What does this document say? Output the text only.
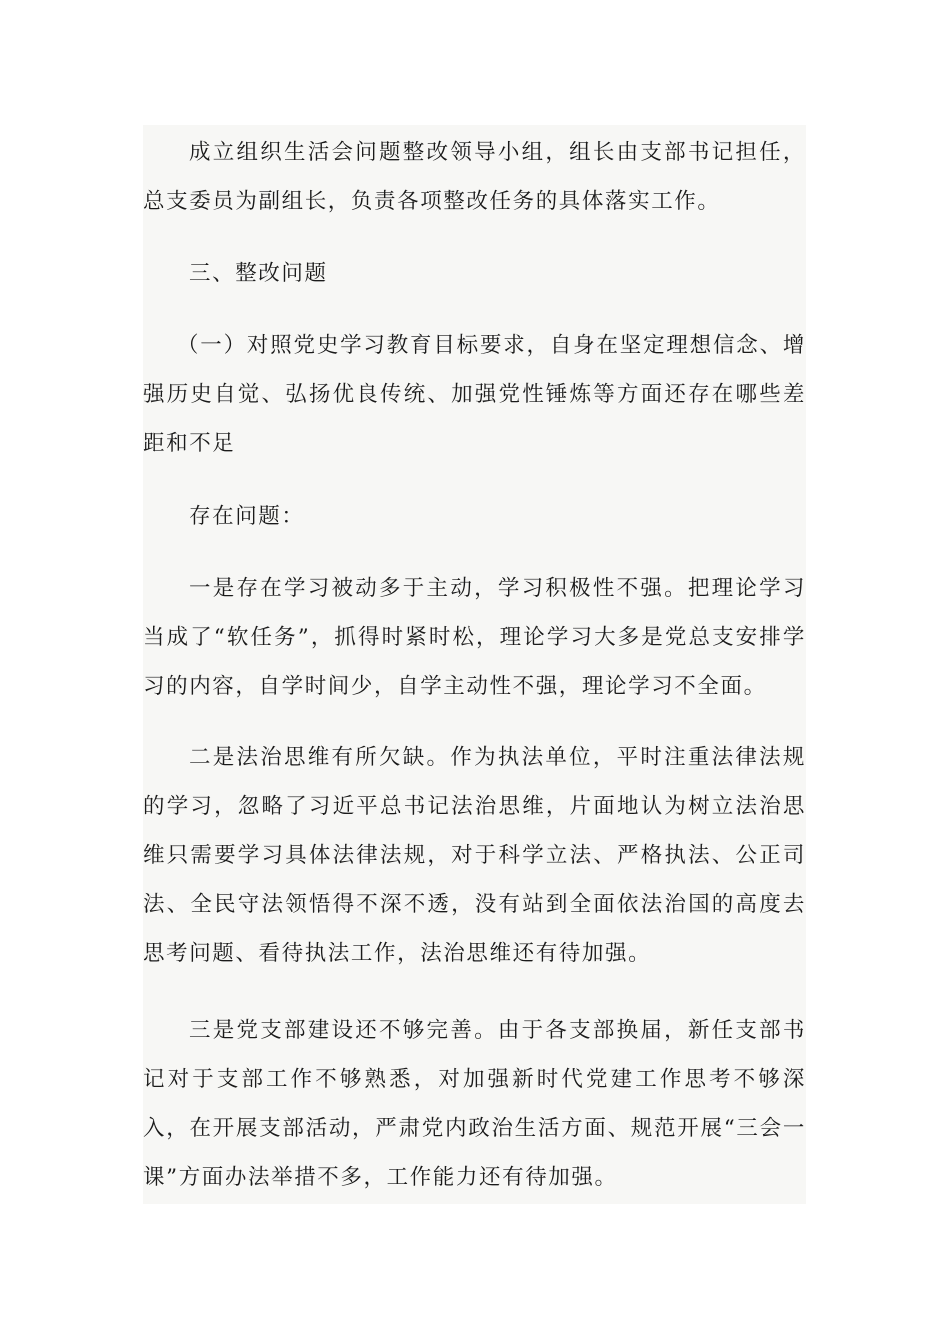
成立组织生活会问题整改领导小组，组长由支部书记担任，总支委员为副组长，负责各项整改任务的具体落实工作。

三、整改问题

（一）对照党史学习教育目标要求，自身在坚定理想信念、增强历史自觉、弘扬优良传统、加强党性锤炼等方面还存在哪些差距和不足

存在问题：

一是存在学习被动多于主动，学习积极性不强。把理论学习当成了“软任务”，抓得时紧时松，理论学习大多是党总支安排学习的内容，自学时间少，自学主动性不强，理论学习不全面。

二是法治思维有所欠缺。作为执法单位，平时注重法律法规的学习，忽略了习近平总书记法治思维，片面地认为树立法治思维只需要学习具体法律法规，对于科学立法、严格执法、公正司法、全民守法领悟得不深不透，没有站到全面依法治国的高度去思考问题、看待执法工作，法治思维还有待加强。

三是党支部建设还不够完善。由于各支部换届，新任支部书记对于支部工作不够熟悉，对加强新时代党建工作思考不够深入，在开展支部活动，严肃党内政治生活方面、规范开展“三会一课”方面办法举措不多，工作能力还有待加强。
